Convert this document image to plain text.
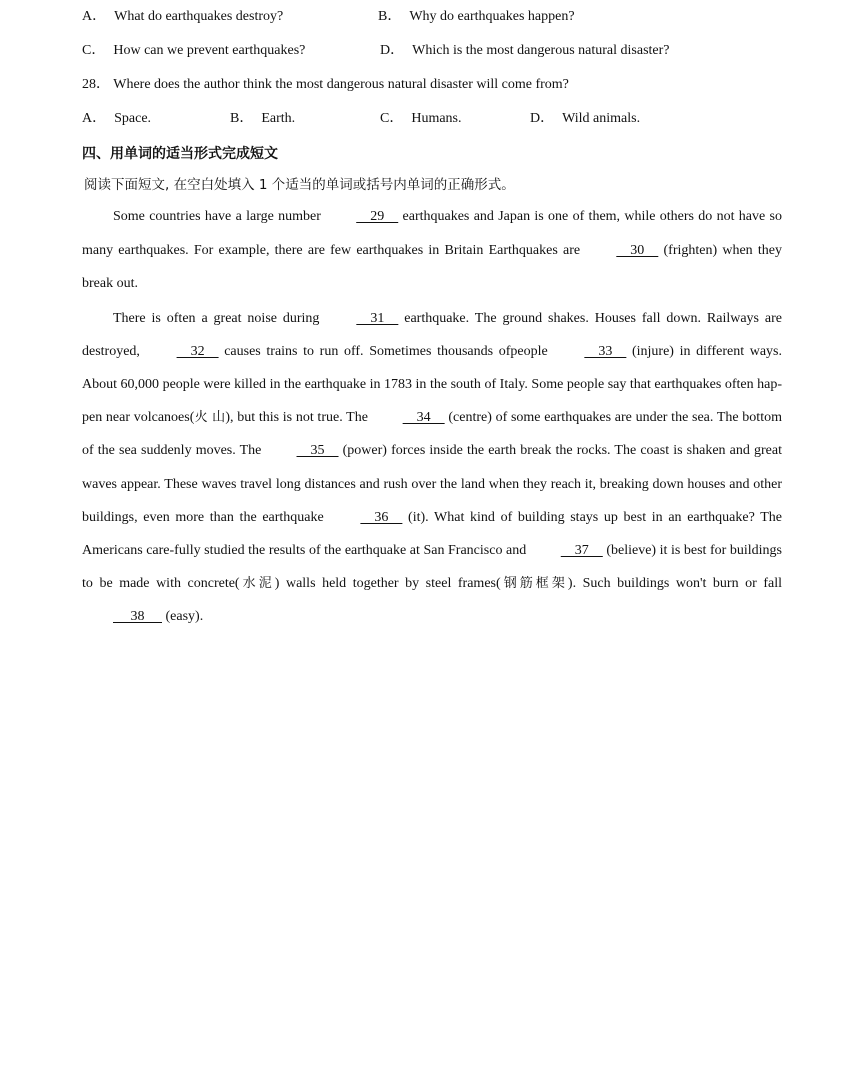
A． What do earthquakes destroy?	B． Why do earthquakes happen?
C． How can we prevent earthquakes?	D． Which is the most dangerous natural disaster?
28． Where does the author think the most dangerous natural disaster will come from?
A． Space.	B． Earth.	C． Humans.	D． Wild animals.
四、用单词的适当形式完成短文
阅读下面短文, 在空白处填入 1 个适当的单词或括号内单词的正确形式。

Some countries have a large number     29     earthquakes and Japan is one of them, while others do not have so many earthquakes. For example, there are few earthquakes in Britain Earthquakes are     30     (frighten) when they break out.

There is often a great noise during     31     earthquake. The ground shakes. Houses fall down. Railways are destroyed,     32     causes trains to run off. Sometimes thousands ofpeople     33     (injure) in different ways. About 60,000 people were killed in the earthquake in 1783 in the south of Italy. Some people say that earthquakes often hap-pen near volcanoes(火 山), but this is not true. The     34     (centre) of some earthquakes are under the sea. The bottom of the sea suddenly moves. The     35     (power) forces inside the earth break the rocks. The coast is shaken and great waves appear. These waves travel long distances and rush over the land when they reach it, breaking down houses and other buildings, even more than the earthquake     36     (it). What kind of building stays up best in an earthquake? The Americans care-fully studied the results of the earthquake at San Francisco and     37     (believe) it is best for buildings to be made with concrete(水泥) walls held together by steel frames(钢筋框架). Such buildings won't burn or fall      38      (easy).
